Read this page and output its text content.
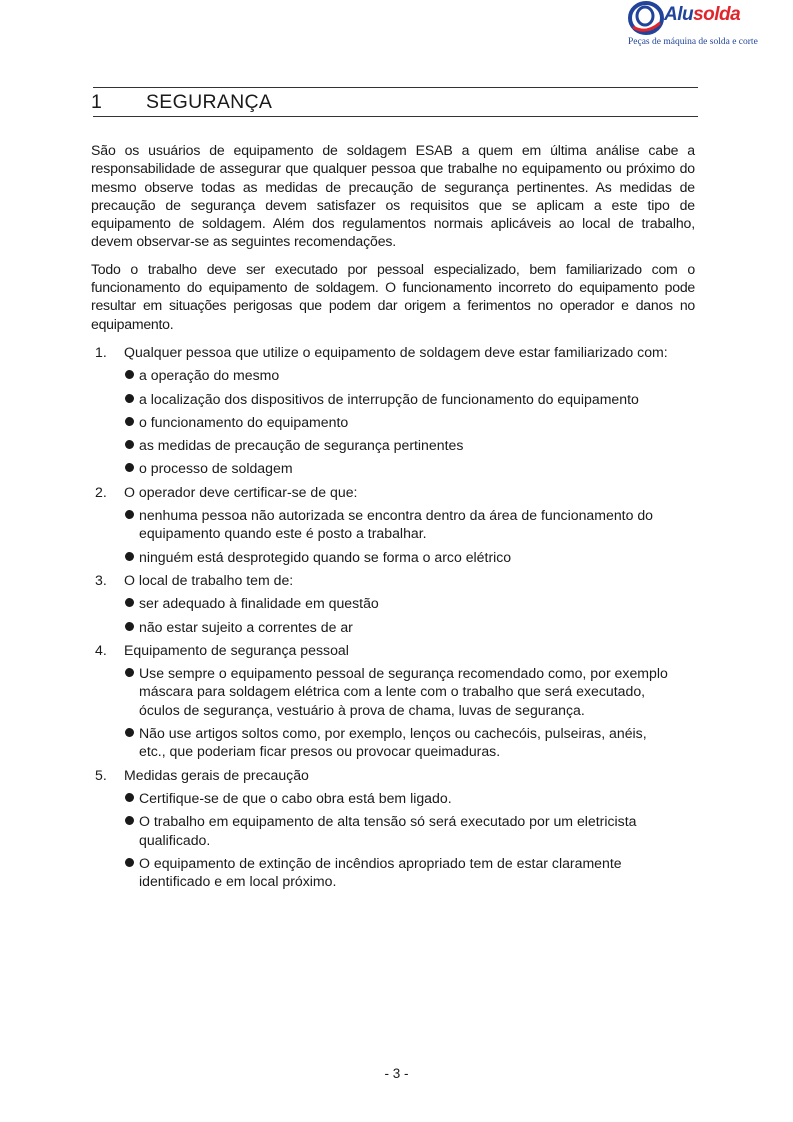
Alusolda
Peças de máquina de solda e corte
1 SEGURANÇA

São os usuários de equipamento de soldagem ESAB a quem em última análise cabe a responsabilidade de assegurar que qualquer pessoa que trabalhe no equipamento ou próximo do mesmo observe todas as medidas de precaução de segurança pertinentes. As medidas de precaução de segurança devem satisfazer os requisitos que se aplicam a este tipo de equipamento de soldagem. Além dos regulamentos normais aplicáveis ao local de trabalho, devem observar-se as seguintes recomendações.

Todo o trabalho deve ser executado por pessoal especializado, bem familiarizado com o funcionamento do equipamento de soldagem. O funcionamento incorreto do equipamento pode resultar em situações perigosas que podem dar origem a ferimentos no operador e danos no equipamento.

1. Qualquer pessoa que utilize o equipamento de soldagem deve estar familiarizado com:
a operação do mesmo
a localização dos dispositivos de interrupção de funcionamento do equipamento
o funcionamento do equipamento
as medidas de precaução de segurança pertinentes
o processo de soldagem
2. O operador deve certificar-se de que:
nenhuma pessoa não autorizada se encontra dentro da área de funcionamento do equipamento quando este é posto a trabalhar.
ninguém está desprotegido quando se forma o arco elétrico
3. O local de trabalho tem de:
ser adequado à finalidade em questão
não estar sujeito a correntes de ar
4. Equipamento de segurança pessoal
Use sempre o equipamento pessoal de segurança recomendado como, por exemplo máscara para soldagem elétrica com a lente com o trabalho que será executado, óculos de segurança, vestuário à prova de chama, luvas de segurança.
Não use artigos soltos como, por exemplo, lenços ou cachecóis, pulseiras, anéis, etc., que poderiam ficar presos ou provocar queimaduras.
5. Medidas gerais de precaução
Certifique-se de que o cabo obra está bem ligado.
O trabalho em equipamento de alta tensão só será executado por um eletricista qualificado.
O equipamento de extinção de incêndios apropriado tem de estar claramente identificado e em local próximo.
- 3 -
